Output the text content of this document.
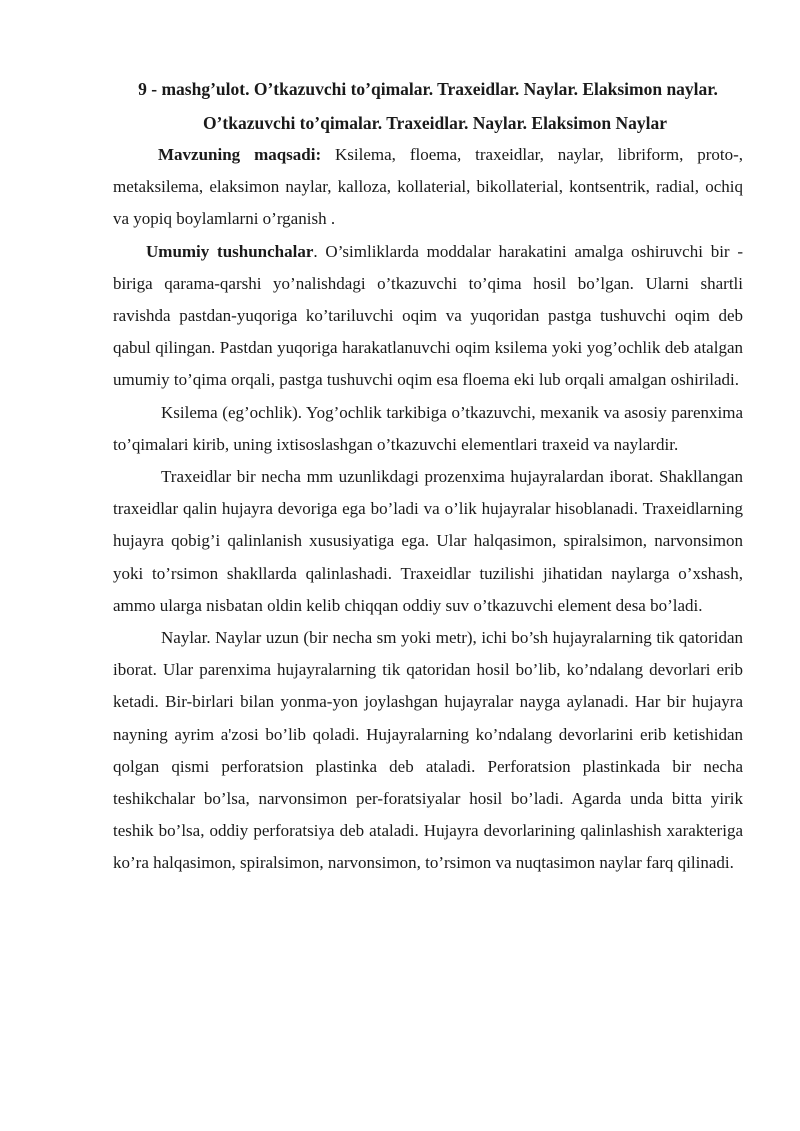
9 - mashg’ulot. O’tkazuvchi to’qimalar. Traxeidlar. Naylar. Elaksimon naylar.

O’tkazuvchi to’qimalar. Traxeidlar. Naylar. Elaksimon Naylar

Mavzuning maqsadi: Ksilema, floema, traxeidlar, naylar, libriform, proto-, metaksilema, elaksimon naylar, kalloza, kollaterial, bikollaterial, kontsentrik, radial, ochiq va yopiq boylamlarni o’rganish .

Umumiy tushunchalar. O’simliklarda moddalar harakatini amalga oshiruvchi bir - biriga qarama-qarshi yo’nalishdagi o’tkazuvchi to’qima hosil bo’lgan. Ularni shartli ravishda pastdan-yuqoriga ko’tariluvchi oqim va yuqoridan pastga tushuvchi oqim deb qabul qilingan. Pastdan yuqoriga harakatlanuvchi oqim ksilema yoki yog’ochlik deb atalgan umumiy to’qima orqali, pastga tushuvchi oqim esa floema eki lub orqali amalgan oshiriladi.

Ksilema (eg’ochlik). Yog’ochlik tarkibiga o’tkazuvchi, mexanik va asosiy parenxima to’qimalari kirib, uning ixtisoslashgan o’tkazuvchi elementlari traxeid va naylardir.

Traxeidlar bir necha mm uzunlikdagi prozenxima hujayralardan iborat. Shakllangan traxeidlar qalin hujayra devoriga ega bo’ladi va o’lik hujayralar hisoblanadi. Traxeidlarning hujayra qobig’i qalinlanish xususiyatiga ega. Ular halqasimon, spiralsimon, narvonsimon yoki to’rsimon shakllarda qalinlashadi. Traxeidlar tuzilishi jihatidan naylarga o’xshash, ammo ularga nisbatan oldin kelib chiqqan oddiy suv o’tkazuvchi element desa bo’ladi.

Naylar. Naylar uzun (bir necha sm yoki metr), ichi bo’sh hujayralarning tik qatoridan iborat. Ular parenxima hujayralarning tik qatoridan hosil bo’lib, ko’ndalang devorlari erib ketadi. Bir-birlari bilan yonma-yon joylashgan hujayralar nayga aylanadi. Har bir hujayra nayning ayrim a'zosi bo’lib qoladi. Hujayralarning ko’ndalang devorlarini erib ketishidan qolgan qismi perforatsion plastinka deb ataladi. Perforatsion plastinkada bir necha teshikchalar bo’lsa, narvonsimon per-foratsiyalar hosil bo’ladi. Agarda unda bitta yirik teshik bo’lsa, oddiy perforatsiya deb ataladi. Hujayra devorlarining qalinlashish xarakteriga ko’ra halqasimon, spiralsimon, narvonsimon, to’rsimon va nuqtasimon naylar farq qilinadi.
